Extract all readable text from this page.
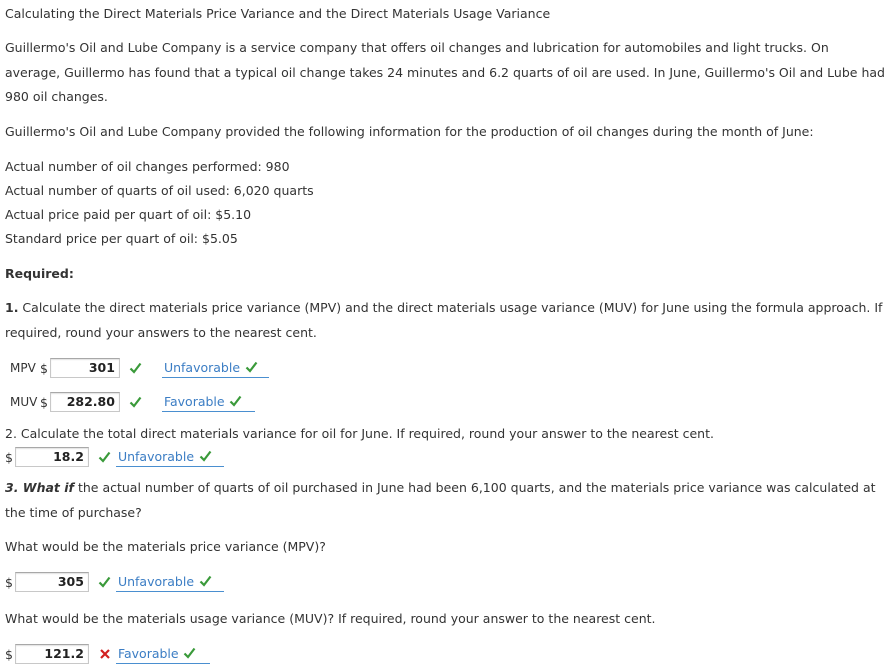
Calculating the Direct Materials Price Variance and the Direct Materials Usage Variance
Guillermo's Oil and Lube Company is a service company that offers oil changes and lubrication for automobiles and light trucks. On average, Guillermo has found that a typical oil change takes 24 minutes and 6.2 quarts of oil are used. In June, Guillermo's Oil and Lube had 980 oil changes.
Guillermo's Oil and Lube Company provided the following information for the production of oil changes during the month of June:
Actual number of oil changes performed: 980
Actual number of quarts of oil used: 6,020 quarts
Actual price paid per quart of oil: $5.10
Standard price per quart of oil: $5.05
Required:
1. Calculate the direct materials price variance (MPV) and the direct materials usage variance (MUV) for June using the formula approach. If required, round your answers to the nearest cent.
MPV $	301	Unfavorable
MUV $	282.80	Favorable
2. Calculate the total direct materials variance for oil for June. If required, round your answer to the nearest cent.
$	18.2	Unfavorable
3. What if the actual number of quarts of oil purchased in June had been 6,100 quarts, and the materials price variance was calculated at the time of purchase?
What would be the materials price variance (MPV)?
$	305	Unfavorable
What would be the materials usage variance (MUV)? If required, round your answer to the nearest cent.
$	121.2	Favorable
